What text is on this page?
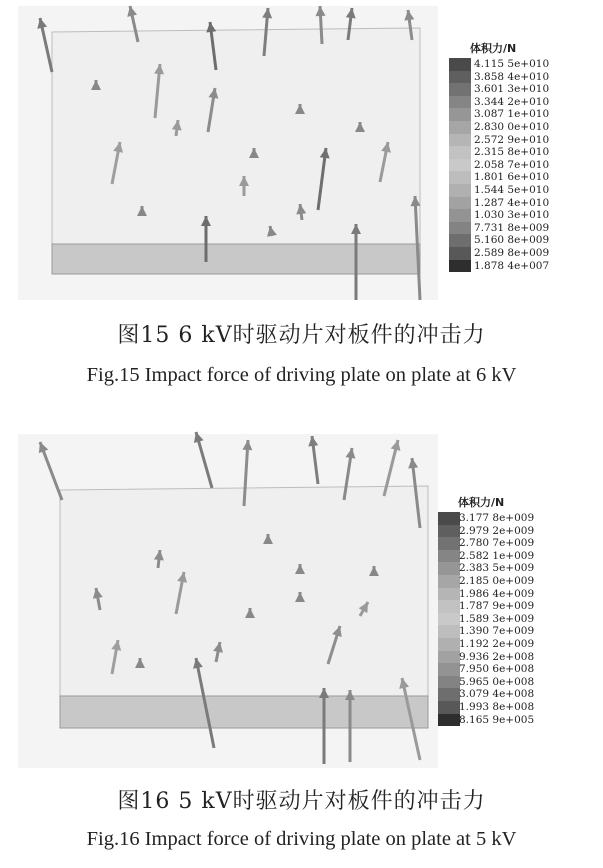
体积力/N
4.115 5e+010
3.858 4e+010
3.601 3e+010
3.344 2e+010
3.087 1e+010
2.830 0e+010
2.572 9e+010
2.315 8e+010
2.058 7e+010
1.801 6e+010
1.544 5e+010
1.287 4e+010
1.030 3e+010
7.731 8e+009
5.160 8e+009
2.589 8e+009
1.878 4e+007
图15 6 kV时驱动片对板件的冲击力
Fig.15 Impact force of driving plate on plate at 6 kV
体积力/N
3.177 8e+009
2.979 2e+009
2.780 7e+009
2.582 1e+009
2.383 5e+009
2.185 0e+009
1.986 4e+009
1.787 9e+009
1.589 3e+009
1.390 7e+009
1.192 2e+009
9.936 2e+008
7.950 6e+008
5.965 0e+008
3.079 4e+008
1.993 8e+008
8.165 9e+005
图16 5 kV时驱动片对板件的冲击力
Fig.16 Impact force of driving plate on plate at 5 kV
